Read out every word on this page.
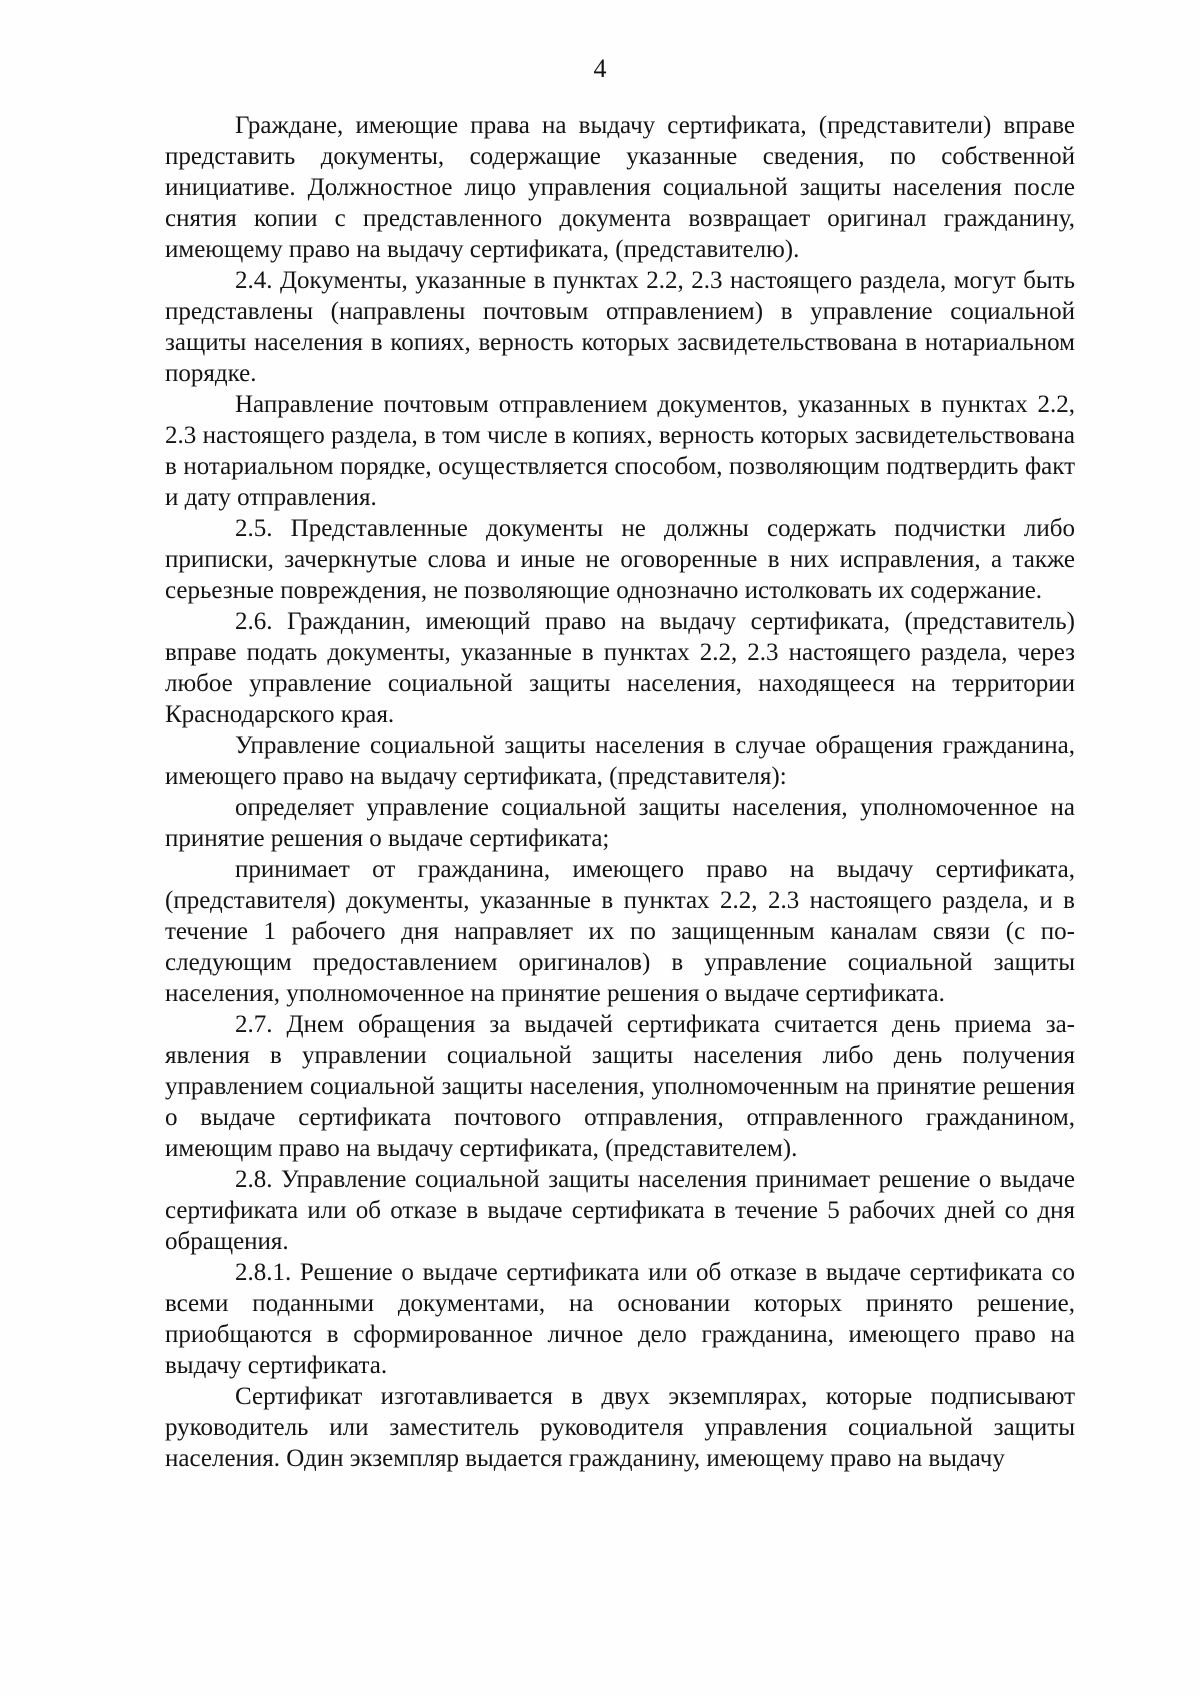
4

Граждане, имеющие права на выдачу сертификата, (представители) вправе представить документы, содержащие указанные сведения, по собственной инициативе. Должностное лицо управления социальной защиты населения после снятия копии с представленного документа возвращает оригинал гражданину, имеющему право на выдачу сертификата, (представителю).

2.4. Документы, указанные в пунктах 2.2, 2.3 настоящего раздела, могут быть представлены (направлены почтовым отправлением) в управление социальной защиты населения в копиях, верность которых засвидетельствована в нотариальном порядке.

Направление почтовым отправлением документов, указанных в пунктах 2.2, 2.3 настоящего раздела, в том числе в копиях, верность которых засвидетельствована в нотариальном порядке, осуществляется способом, позволяющим подтвердить факт и дату отправления.

2.5. Представленные документы не должны содержать подчистки либо приписки, зачеркнутые слова и иные не оговоренные в них исправления, а также серьезные повреждения, не позволяющие однозначно истолковать их содержание.

2.6. Гражданин, имеющий право на выдачу сертификата, (представитель) вправе подать документы, указанные в пунктах 2.2, 2.3 настоящего раздела, через любое управление социальной защиты населения, находящееся на территории Краснодарского края.

Управление социальной защиты населения в случае обращения гражданина, имеющего право на выдачу сертификата, (представителя):

определяет управление социальной защиты населения, уполномоченное на принятие решения о выдаче сертификата;

принимает от гражданина, имеющего право на выдачу сертификата, (представителя) документы, указанные в пунктах 2.2, 2.3 настоящего раздела, и в течение 1 рабочего дня направляет их по защищенным каналам связи (с последующим предоставлением оригиналов) в управление социальной защиты населения, уполномоченное на принятие решения о выдаче сертификата.

2.7. Днем обращения за выдачей сертификата считается день приема заявления в управлении социальной защиты населения либо день получения управлением социальной защиты населения, уполномоченным на принятие решения о выдаче сертификата почтового отправления, отправленного гражданином, имеющим право на выдачу сертификата, (представителем).

2.8. Управление социальной защиты населения принимает решение о выдаче сертификата или об отказе в выдаче сертификата в течение 5 рабочих дней со дня обращения.

2.8.1. Решение о выдаче сертификата или об отказе в выдаче сертификата со всеми поданными документами, на основании которых принято решение, приобщаются в сформированное личное дело гражданина, имеющего право на выдачу сертификата.

Сертификат изготавливается в двух экземплярах, которые подписывают руководитель или заместитель руководителя управления социальной защиты населения. Один экземпляр выдается гражданину, имеющему право на выдачу
